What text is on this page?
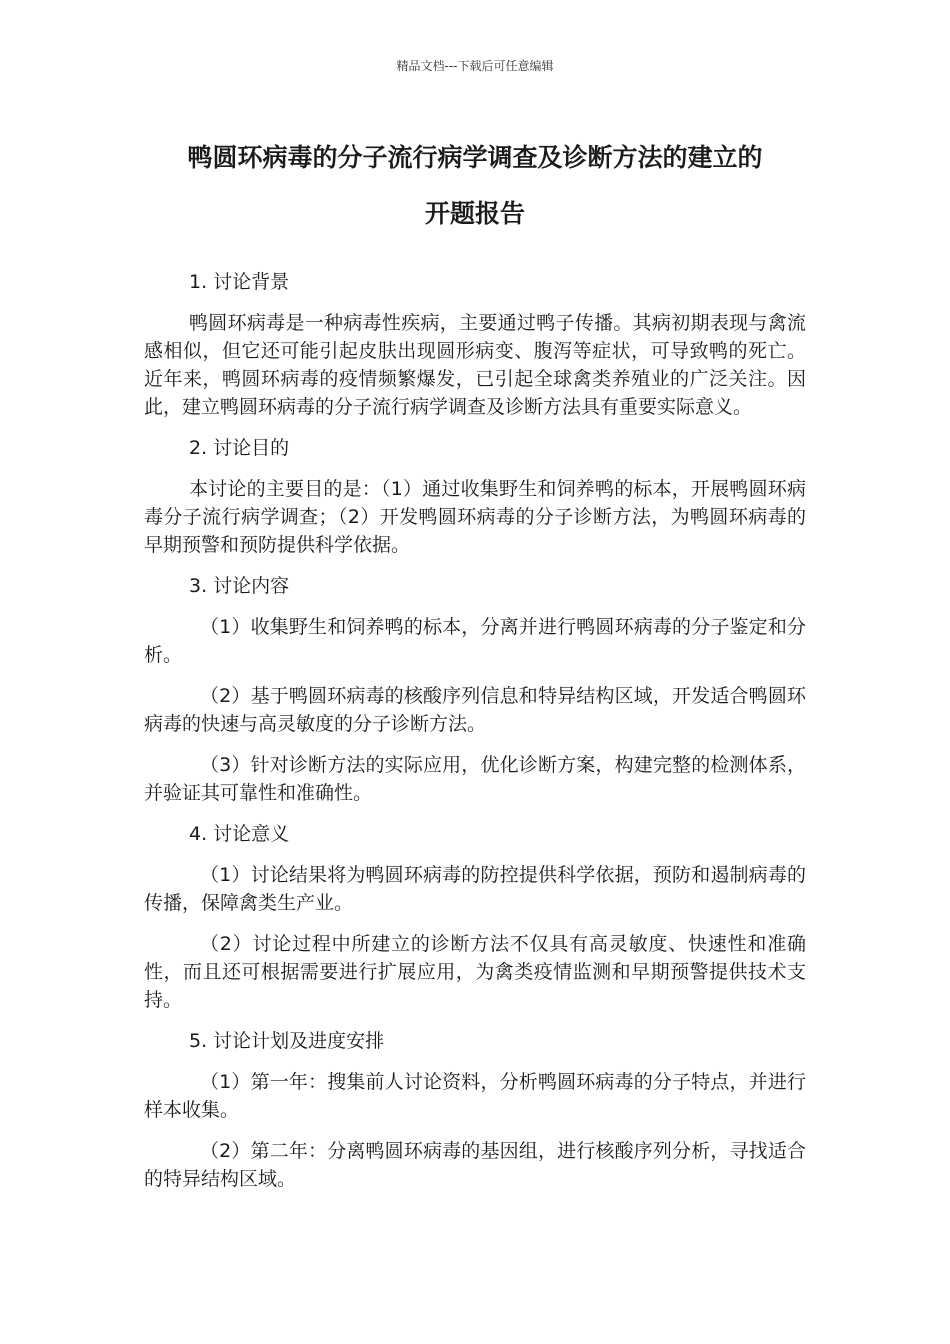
精品文档---下载后可任意编辑
鸭圆环病毒的分子流行病学调查及诊断方法的建立的
开题报告

1. 讨论背景

鸭圆环病毒是一种病毒性疾病，主要通过鸭子传播。其病初期表现与禽流感相似，但它还可能引起皮肤出现圆形病变、腹泻等症状，可导致鸭的死亡。近年来，鸭圆环病毒的疫情频繁爆发，已引起全球禽类养殖业的广泛关注。因此，建立鸭圆环病毒的分子流行病学调查及诊断方法具有重要实际意义。

2. 讨论目的

本讨论的主要目的是：（1）通过收集野生和饲养鸭的标本，开展鸭圆环病毒分子流行病学调查；（2）开发鸭圆环病毒的分子诊断方法，为鸭圆环病毒的早期预警和预防提供科学依据。

3. 讨论内容

（1）收集野生和饲养鸭的标本，分离并进行鸭圆环病毒的分子鉴定和分析。

（2）基于鸭圆环病毒的核酸序列信息和特异结构区域，开发适合鸭圆环病毒的快速与高灵敏度的分子诊断方法。

（3）针对诊断方法的实际应用，优化诊断方案，构建完整的检测体系，并验证其可靠性和准确性。

4. 讨论意义

（1）讨论结果将为鸭圆环病毒的防控提供科学依据，预防和遏制病毒的传播，保障禽类生产业。

（2）讨论过程中所建立的诊断方法不仅具有高灵敏度、快速性和准确性，而且还可根据需要进行扩展应用，为禽类疫情监测和早期预警提供技术支持。

5. 讨论计划及进度安排

（1）第一年：搜集前人讨论资料，分析鸭圆环病毒的分子特点，并进行样本收集。

（2）第二年：分离鸭圆环病毒的基因组，进行核酸序列分析，寻找适合的特异结构区域。
